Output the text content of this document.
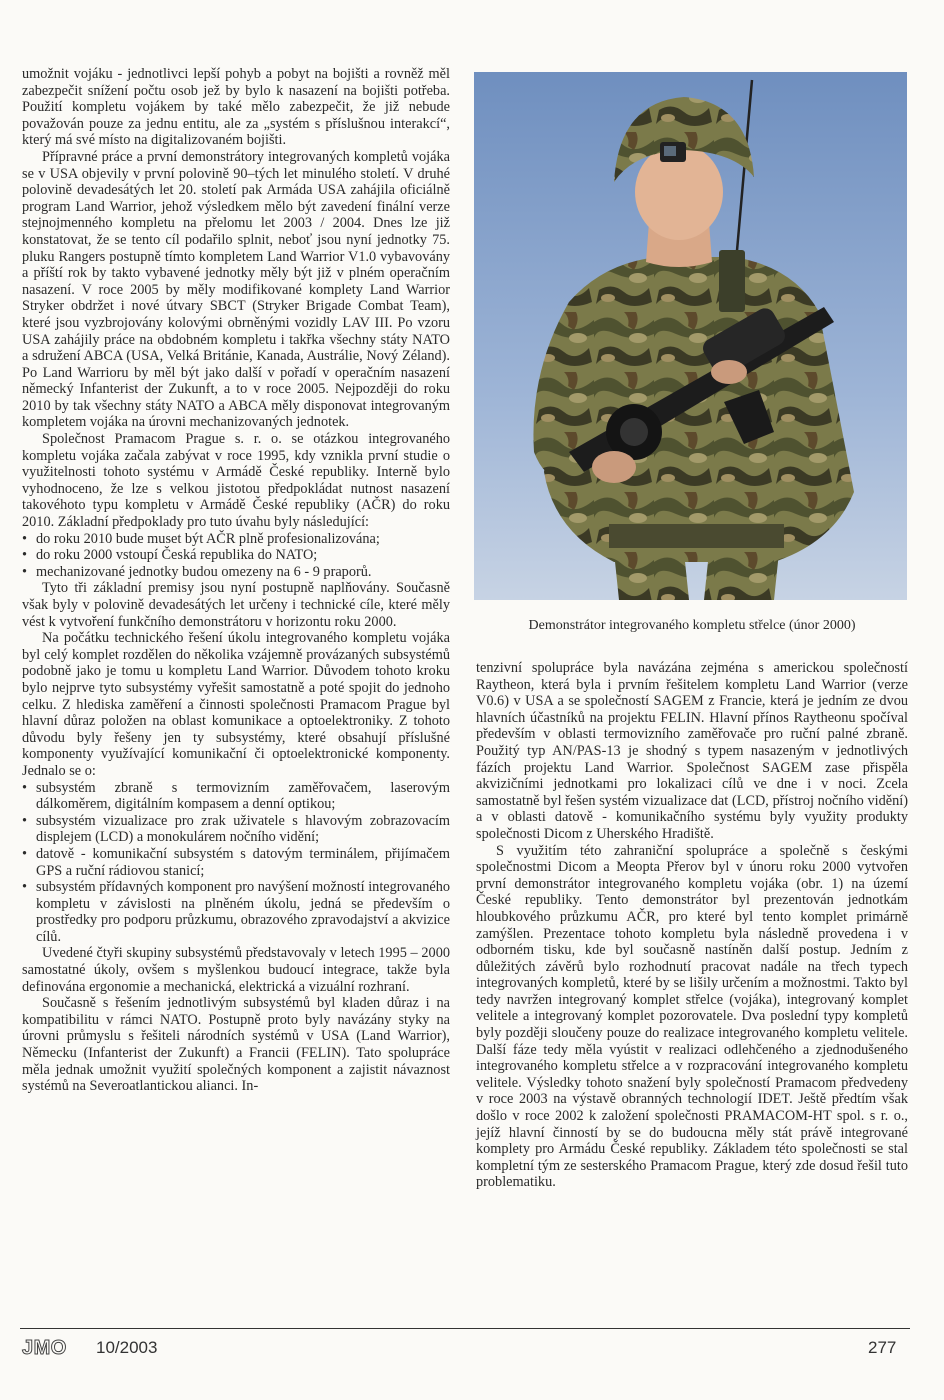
umožnit vojáku - jednotlivci lepší pohyb a pobyt na bojišti a rovněž měl zabezpečit snížení počtu osob jež by bylo k nasazení na bojišti potřeba. Použití kompletu vojákem by také mělo zabezpečit, že již nebude považován pouze za jednu entitu, ale za „systém s příslušnou interakcí“, který má své místo na digitalizovaném bojišti.

Přípravné práce a první demonstrátory integrovaných kompletů vojáka se v USA objevily v první polovině 90–tých let minulého století. V druhé polovině devadesátých let 20. století pak Armáda USA zahájila oficiálně program Land Warrior, jehož výsledkem mělo být zavedení finální verze stejnojmenného kompletu na přelomu let 2003 / 2004. Dnes lze již konstatovat, že se tento cíl podařilo splnit, neboť jsou nyní jednotky 75. pluku Rangers postupně tímto kompletem Land Warrior V1.0 vybavovány a příští rok by takto vybavené jednotky měly být již v plném operačním nasazení. V roce 2005 by měly modifikované komplety Land Warrior Stryker obdržet i nové útvary SBCT (Stryker Brigade Combat Team), které jsou vyzbrojovány kolovými obrněnými vozidly LAV III. Po vzoru USA zahájily práce na obdobném kompletu i takřka všechny státy NATO a sdružení ABCA (USA, Velká Británie, Kanada, Austrálie, Nový Zéland). Po Land Warrioru by měl být jako další v pořadí v operačním nasazení německý Infanterist der Zukunft, a to v roce 2005. Nejpozději do roku 2010 by tak všechny státy NATO a ABCA měly disponovat integrovaným kompletem vojáka na úrovni mechanizovaných jednotek.

Společnost Pramacom Prague s. r. o. se otázkou integrovaného kompletu vojáka začala zabývat v roce 1995, kdy vznikla první studie o využitelnosti tohoto systému v Armádě České republiky. Interně bylo vyhodnoceno, že lze s velkou jistotou předpokládat nutnost nasazení takovéhoto typu kompletu v Armádě České republiky (AČR) do roku 2010. Základní předpoklady pro tuto úvahu byly následující:

• do roku 2010 bude muset být AČR plně profesionalizována;
• do roku 2000 vstoupí Česká republika do NATO;
• mechanizované jednotky budou omezeny na 6 - 9 praporů.

Tyto tři základní premisy jsou nyní postupně naplňovány. Současně však byly v polovině devadesátých let určeny i technické cíle, které měly vést k vytvoření funkčního demonstrátoru v horizontu roku 2000.

Na počátku technického řešení úkolu integrovaného kompletu vojáka byl celý komplet rozdělen do několika vzájemně provázaných subsystémů podobně jako je tomu u kompletu Land Warrior. Důvodem tohoto kroku bylo nejprve tyto subsystémy vyřešit samostatně a poté spojit do jednoho celku. Z hlediska zaměření a činnosti společnosti Pramacom Prague byl hlavní důraz položen na oblast komunikace a optoelektroniky. Z tohoto důvodu byly řešeny jen ty subsystémy, které obsahují příslušné komponenty využívající komunikační či optoelektronické komponenty. Jednalo se o:

• subsystém zbraně s termovizním zaměřovačem, laserovým dálkoměrem, digitálním kompasem a denní optikou;
• subsystém vizualizace pro zrak uživatele s hlavovým zobrazovacím displejem (LCD) a monokulárem nočního vidění;
• datově - komunikační subsystém s datovým terminálem, přijímačem GPS a ruční rádiovou stanicí;
• subsystém přídavných komponent pro navýšení možností integrovaného kompletu v závislosti na plněném úkolu, jedná se především o prostředky pro podporu průzkumu, obrazového zpravodajství a akvizice cílů.

Uvedené čtyři skupiny subsystémů představovaly v letech 1995 – 2000 samostatné úkoly, ovšem s myšlenkou budoucí integrace, takže byla definována ergonomie a mechanická, elektrická a vizuální rozhraní.

Současně s řešením jednotlivým subsystémů byl kladen důraz i na kompatibilitu v rámci NATO. Postupně proto byly navázány styky na úrovni průmyslu s řešiteli národních systémů v USA (Land Warrior), Německu (Infanterist der Zukunft) a Francii (FELIN). Tato spolupráce měla jednak umožnit využití společných komponent a zajistit návaznost systémů na Severoatlantickou alianci. In-

Demonstrátor integrovaného kompletu střelce (únor 2000)

tenzivní spolupráce byla navázána zejména s americkou společností Raytheon, která byla i prvním řešitelem kompletu Land Warrior (verze V0.6) v USA a se společností SAGEM z Francie, která je jedním ze dvou hlavních účastníků na projektu FELIN. Hlavní přínos Raytheonu spočíval především v oblasti termovizního zaměřovače pro ruční palné zbraně. Použitý typ AN/PAS-13 je shodný s typem nasazeným v jednotlivých fázích projektu Land Warrior. Společnost SAGEM zase přispěla akvizičními jednotkami pro lokalizaci cílů ve dne i v noci. Zcela samostatně byl řešen systém vizualizace dat (LCD, přístroj nočního vidění) a v oblasti datově - komunikačního systému byly využity produkty společnosti Dicom z Uherského Hradiště.

S využitím této zahraniční spolupráce a společně s českými společnostmi Dicom a Meopta Přerov byl v únoru roku 2000 vytvořen první demonstrátor integrovaného kompletu vojáka (obr. 1) na území České republiky. Tento demonstrátor byl prezentován jednotkám hloubkového průzkumu AČR, pro které byl tento komplet primárně zamýšlen. Prezentace tohoto kompletu byla následně provedena i v odborném tisku, kde byl současně nastíněn další postup. Jedním z důležitých závěrů bylo rozhodnutí pracovat nadále na třech typech integrovaných kompletů, které by se lišily určením a možnostmi. Takto byl tedy navržen integrovaný komplet střelce (vojáka), integrovaný komplet velitele a integrovaný komplet pozorovatele. Dva poslední typy kompletů byly později sloučeny pouze do realizace integrovaného kompletu velitele. Další fáze tedy měla vyústit v realizaci odlehčeného a zjednodušeného integrovaného kompletu střelce a v rozpracování integrovaného kompletu velitele. Výsledky tohoto snažení byly společností Pramacom předvedeny v roce 2003 na výstavě obranných technologií IDET. Ještě předtím však došlo v roce 2002 k založení společnosti PRAMACOM-HT spol. s r. o., jejíž hlavní činností by se do budoucna měly stát právě integrované komplety pro Armádu České republiky. Základem této společnosti se stal kompletní tým ze sesterského Pramacom Prague, který zde dosud řešil tuto problematiku.

JMO 10/2003	277
